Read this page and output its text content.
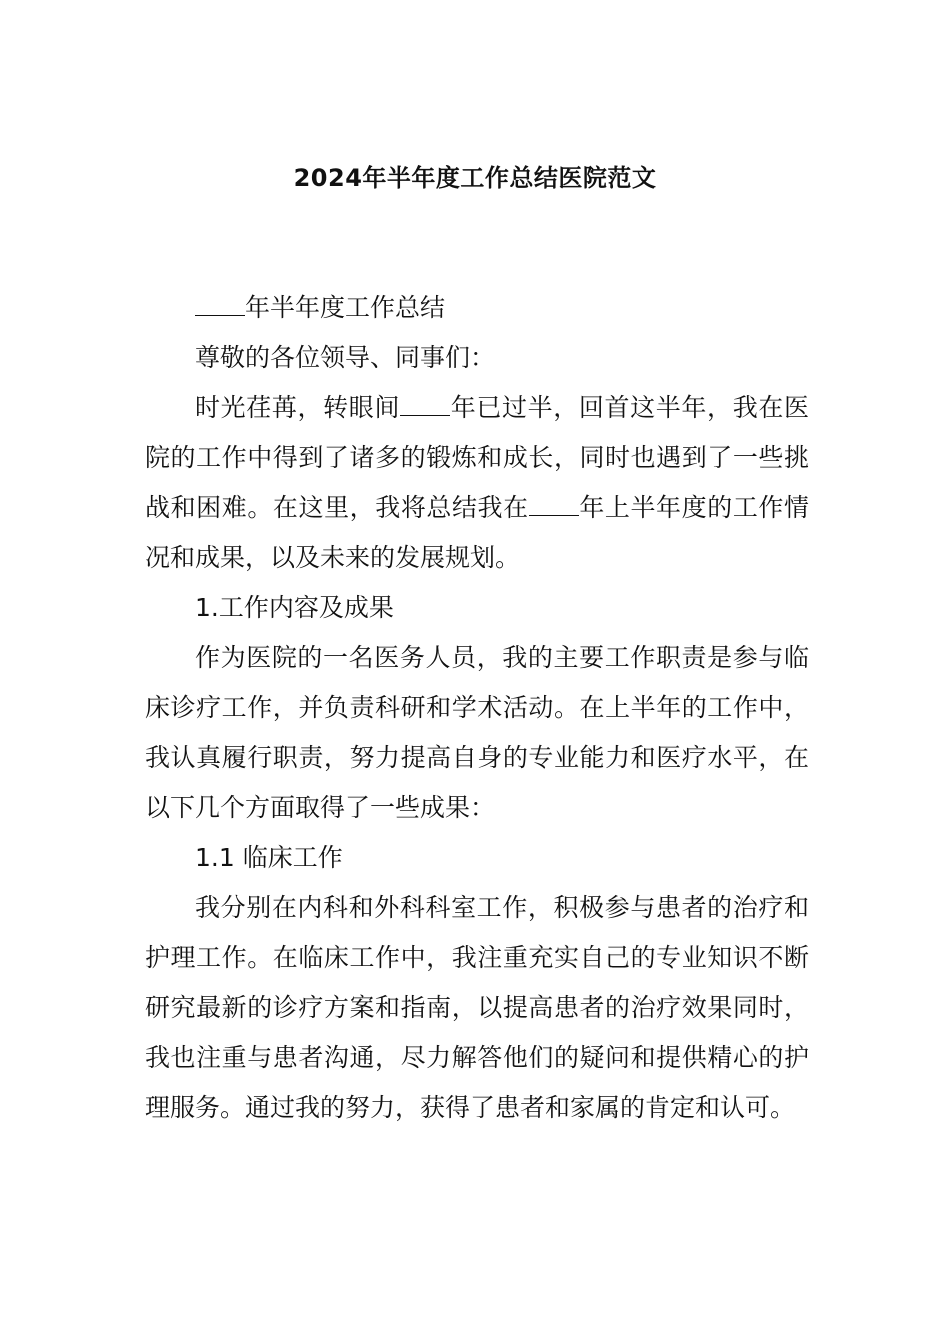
2024年半年度工作总结医院范文

年半年度工作总结

尊敬的各位领导、同事们：

时光荏苒，转眼间 年已过半，回首这半年，我在医院的工作中得到了诸多的锻炼和成长，同时也遇到了一些挑战和困难。在这里，我将总结我在 年上半年度的工作情况和成果，以及未来的发展规划。

1.工作内容及成果

作为医院的一名医务人员，我的主要工作职责是参与临床诊疗工作，并负责科研和学术活动。在上半年的工作中，我认真履行职责，努力提高自身的专业能力和医疗水平，在以下几个方面取得了一些成果：

1.1 临床工作

我分别在内科和外科科室工作，积极参与患者的治疗和护理工作。在临床工作中，我注重充实自己的专业知识不断研究最新的诊疗方案和指南，以提高患者的治疗效果同时，我也注重与患者沟通，尽力解答他们的疑问和提供精心的护理服务。通过我的努力，获得了患者和家属的肯定和认可。
